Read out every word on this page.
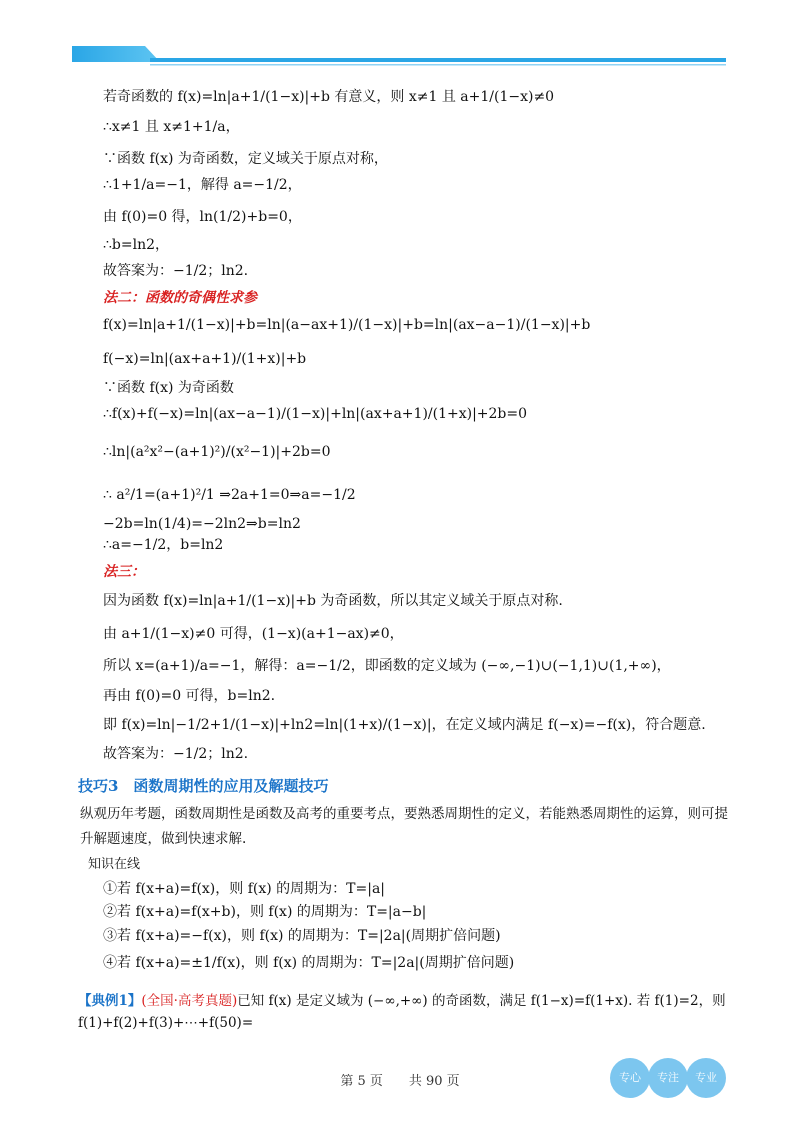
若奇函数的 f(x)=ln|a+1/(1−x)|+b 有意义，则 x≠1 且 a+1/(1−x)≠0
∴x≠1 且 x≠1+1/a，
∵函数 f(x) 为奇函数，定义域关于原点对称，
∴1+1/a=−1，解得 a=−1/2，
由 f(0)=0 得，ln(1/2)+b=0，
∴b=ln2，
故答案为：−1/2；ln2.
法二：函数的奇偶性求参
f(x)=ln|a+1/(1−x)|+b=ln|(a−ax+1)/(1−x)|+b=ln|(ax−a−1)/(1−x)|+b
f(−x)=ln|(ax+a+1)/(1+x)|+b
∵函数 f(x) 为奇函数
∴f(x)+f(−x)=ln|(ax−a−1)/(1−x)|+ln|(ax+a+1)/(1+x)|+2b=0
∴ln|(a²x²−(a+1)²)/(x²−1)|+2b=0
∴ a²/1=(a+1)²/1 ⇒2a+1=0⇒a=−1/2
−2b=ln(1/4)=−2ln2⇒b=ln2
∴a=−1/2，b=ln2
法三：
因为函数 f(x)=ln|a+1/(1−x)|+b 为奇函数，所以其定义域关于原点对称.
由 a+1/(1−x)≠0 可得，(1−x)(a+1−ax)≠0，
所以 x=(a+1)/a=−1，解得：a=−1/2，即函数的定义域为 (−∞,−1)∪(−1,1)∪(1,+∞)，
再由 f(0)=0 可得，b=ln2.
即 f(x)=ln|−1/2+1/(1−x)|+ln2=ln|(1+x)/(1−x)|，在定义域内满足 f(−x)=−f(x)，符合题意.
故答案为：−1/2；ln2.
技巧3　函数周期性的应用及解题技巧
纵观历年考题，函数周期性是函数及高考的重要考点，要熟悉周期性的定义，若能熟悉周期性的运算，则可提升解题速度，做到快速求解.
知识在线
①若 f(x+a)=f(x)，则 f(x) 的周期为：T=|a|
②若 f(x+a)=f(x+b)，则 f(x) 的周期为：T=|a−b|
③若 f(x+a)=−f(x)，则 f(x) 的周期为：T=|2a|(周期扩倍问题)
④若 f(x+a)=±1/f(x)，则 f(x) 的周期为：T=|2a|(周期扩倍问题)
【典例1】(全国·高考真题)已知 f(x) 是定义域为 (−∞,+∞) 的奇函数，满足 f(1−x)=f(1+x). 若 f(1)=2，则 f(1)+f(2)+f(3)+⋯+f(50)=
第 5 页　　共 90 页	专心	专注	专业
